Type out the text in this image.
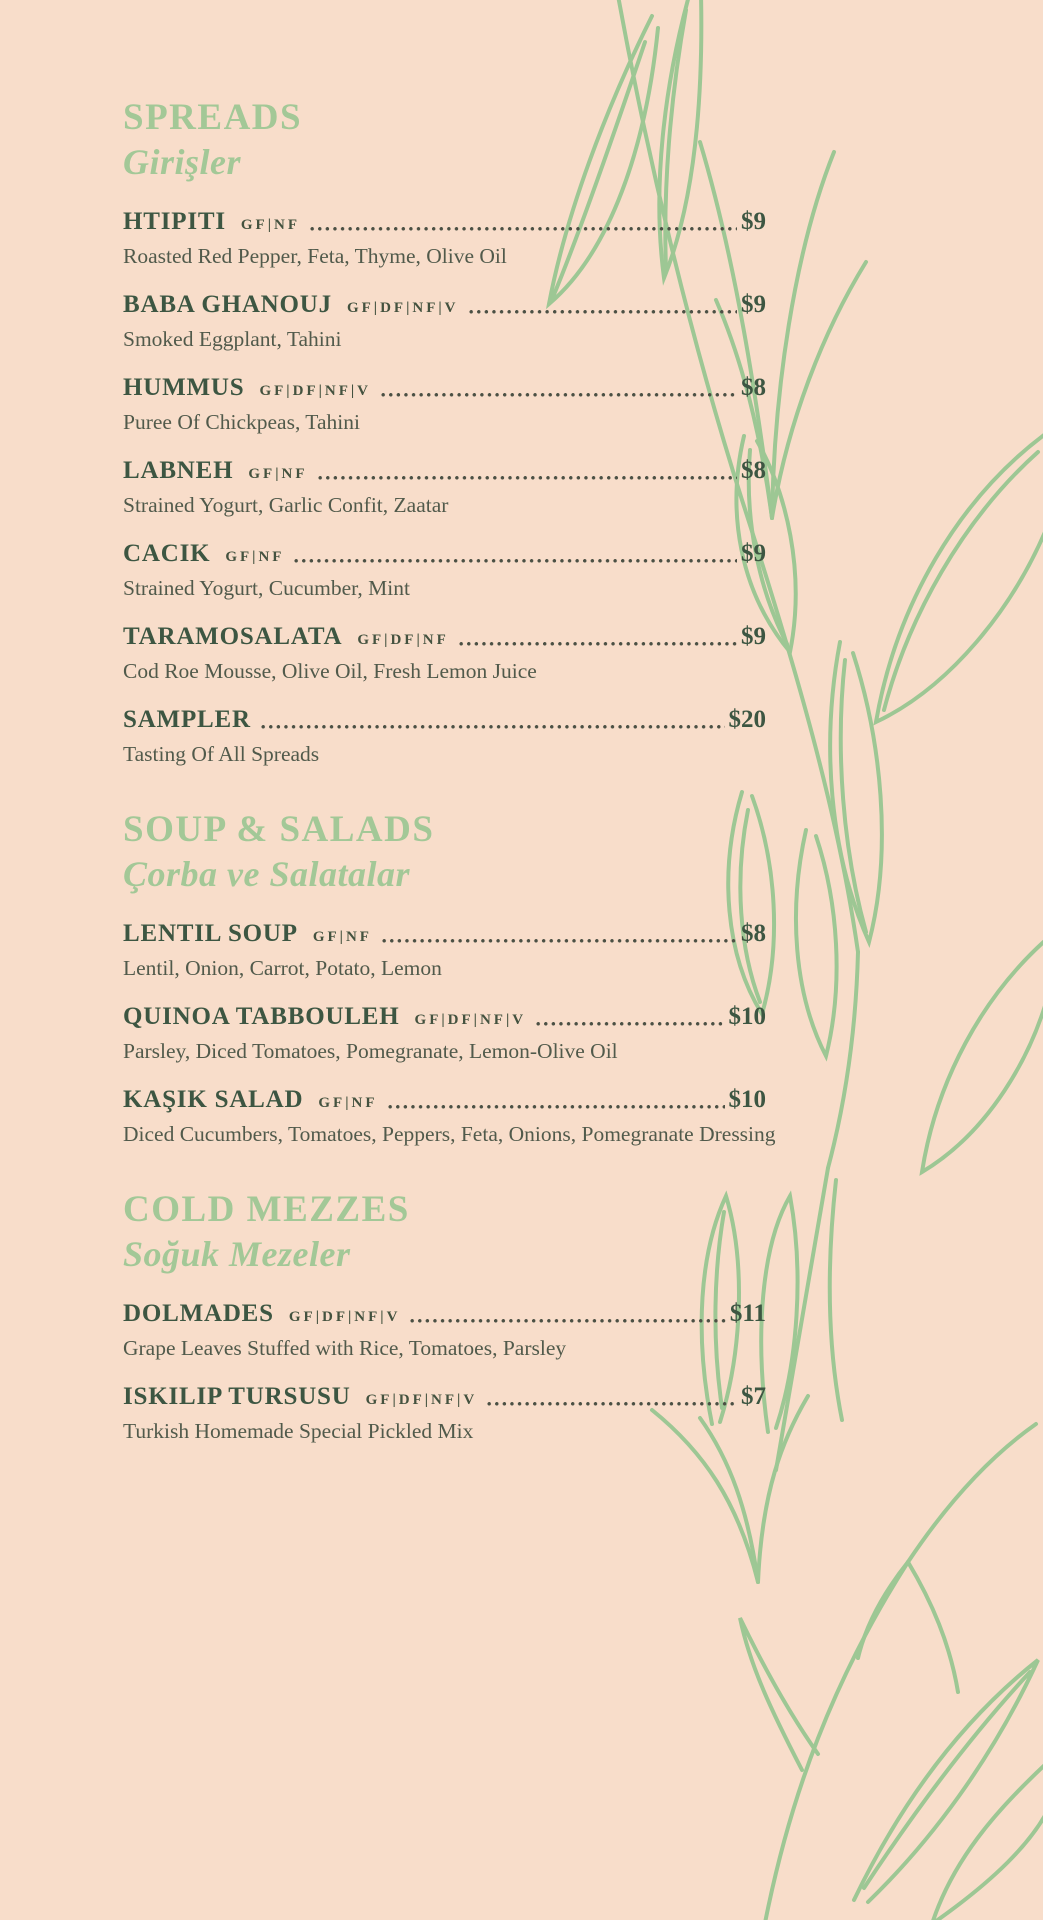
SPREADS
Girişler
HTIPITI GF|NF	$9
Roasted Red Pepper, Feta, Thyme, Olive Oil
BABA GHANOUJ GF|DF|NF|V	$9
Smoked Eggplant, Tahini
HUMMUS GF|DF|NF|V	$8
Puree Of Chickpeas, Tahini
LABNEH GF|NF	$8
Strained Yogurt, Garlic Confit, Zaatar
CACIK GF|NF	$9
Strained Yogurt, Cucumber, Mint
TARAMOSALATA GF|DF|NF	$9
Cod Roe Mousse, Olive Oil, Fresh Lemon Juice
SAMPLER	$20
Tasting Of All Spreads
SOUP & SALADS
Çorba ve Salatalar
LENTIL SOUP GF|NF	$8
Lentil, Onion, Carrot, Potato, Lemon
QUINOA TABBOULEH GF|DF|NF|V	$10
Parsley, Diced Tomatoes, Pomegranate, Lemon-Olive Oil
KAŞIK SALAD GF|NF	$10
Diced Cucumbers, Tomatoes, Peppers, Feta, Onions, Pomegranate Dressing
COLD MEZZES
Soğuk Mezeler
DOLMADES GF|DF|NF|V	$11
Grape Leaves Stuffed with Rice, Tomatoes, Parsley
ISKILIP TURSUSU GF|DF|NF|V	$7
Turkish Homemade Special Pickled Mix
